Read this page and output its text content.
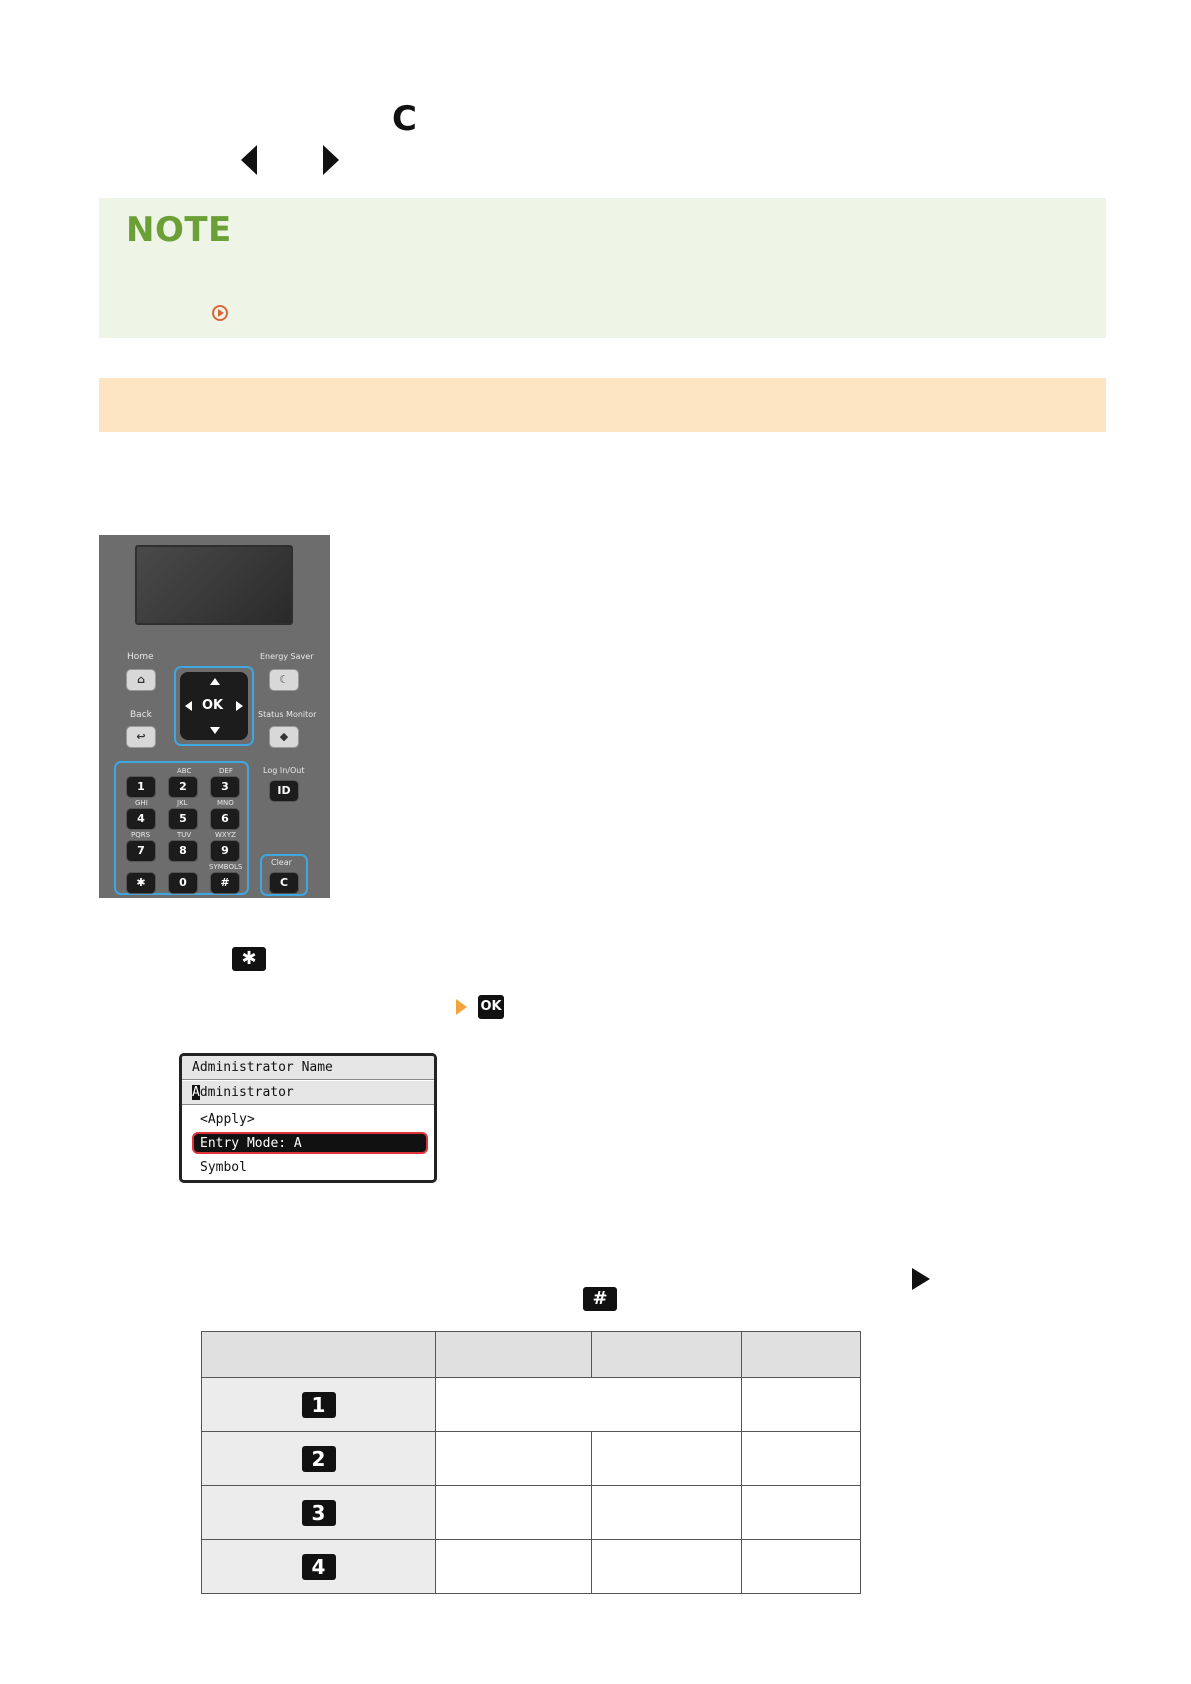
C
NOTE
Home
⌂
Energy Saver
☾
OK
Back
↩
Status Monitor
◆
Log In/Out
ID
ABC	DEF
1	2	3
GHI	JKL	MNO
4	5	6
PQRS	TUV	WXYZ
7	8	9
SYMBOLS
✱	0	#
Clear
C
✱
OK
Administrator Name
Administrator
<Apply>
Entry Mode: A
Symbol
#

1			
2			
3			
4			
